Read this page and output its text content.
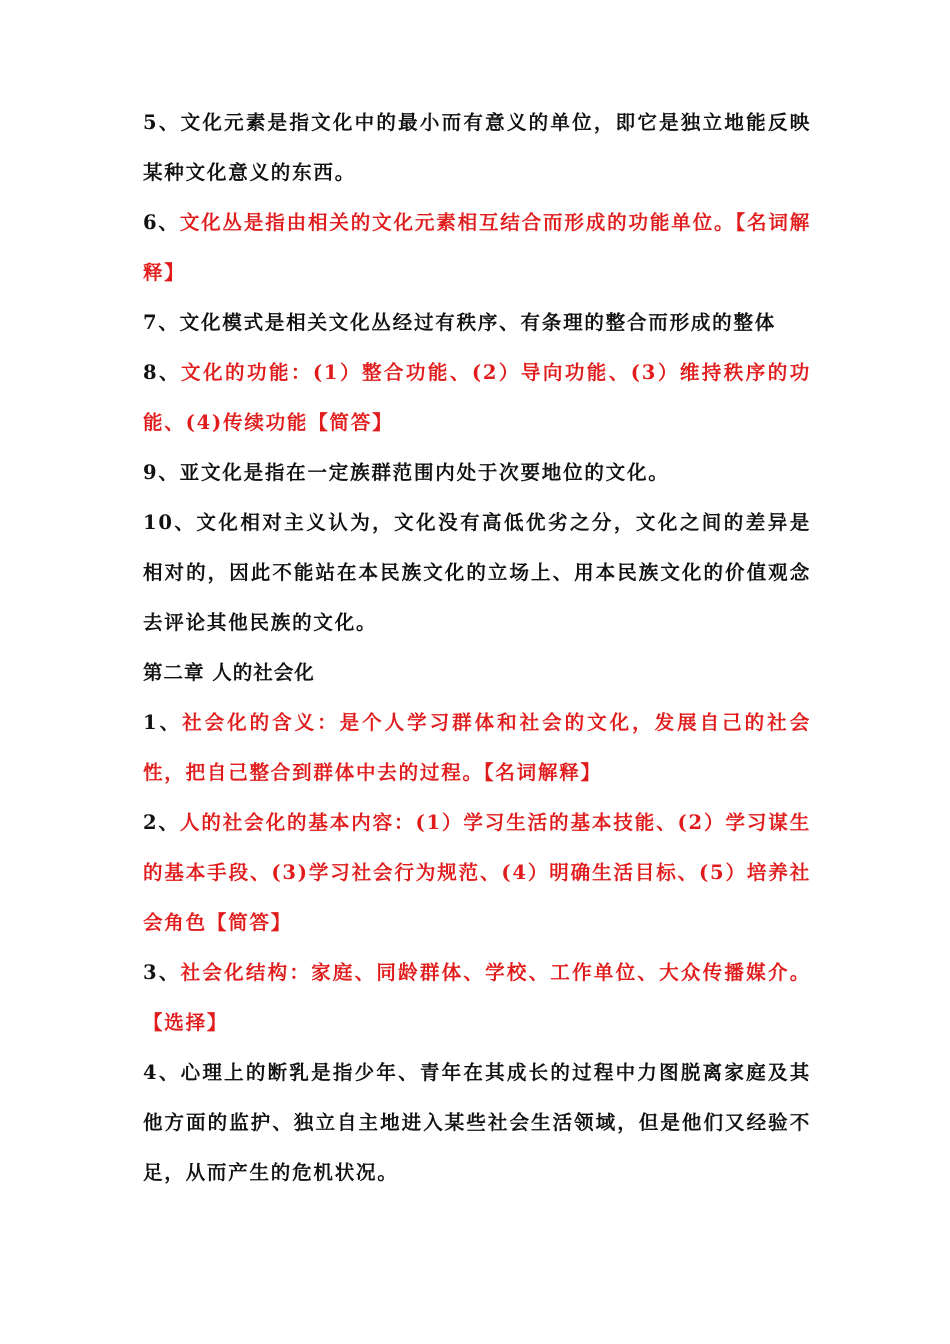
5、文化元素是指文化中的最小而有意义的单位，即它是独立地能反映某种文化意义的东西。

6、文化丛是指由相关的文化元素相互结合而形成的功能单位。【名词解释】

7、文化模式是相关文化丛经过有秩序、有条理的整合而形成的整体

8、文化的功能：(1）整合功能、(2）导向功能、(3）维持秩序的功能、(4)传续功能【简答】

9、亚文化是指在一定族群范围内处于次要地位的文化。

10、文化相对主义认为，文化没有高低优劣之分，文化之间的差异是相对的，因此不能站在本民族文化的立场上、用本民族文化的价值观念去评论其他民族的文化。

第二章 人的社会化

1、社会化的含义：是个人学习群体和社会的文化，发展自己的社会性，把自己整合到群体中去的过程。【名词解释】

2、人的社会化的基本内容：(1）学习生活的基本技能、(2）学习谋生的基本手段、(3)学习社会行为规范、(4）明确生活目标、(5）培养社会角色【简答】

3、社会化结构：家庭、同龄群体、学校、工作单位、大众传播媒介。【选择】

4、心理上的断乳是指少年、青年在其成长的过程中力图脱离家庭及其他方面的监护、独立自主地进入某些社会生活领域，但是他们又经验不足，从而产生的危机状况。
